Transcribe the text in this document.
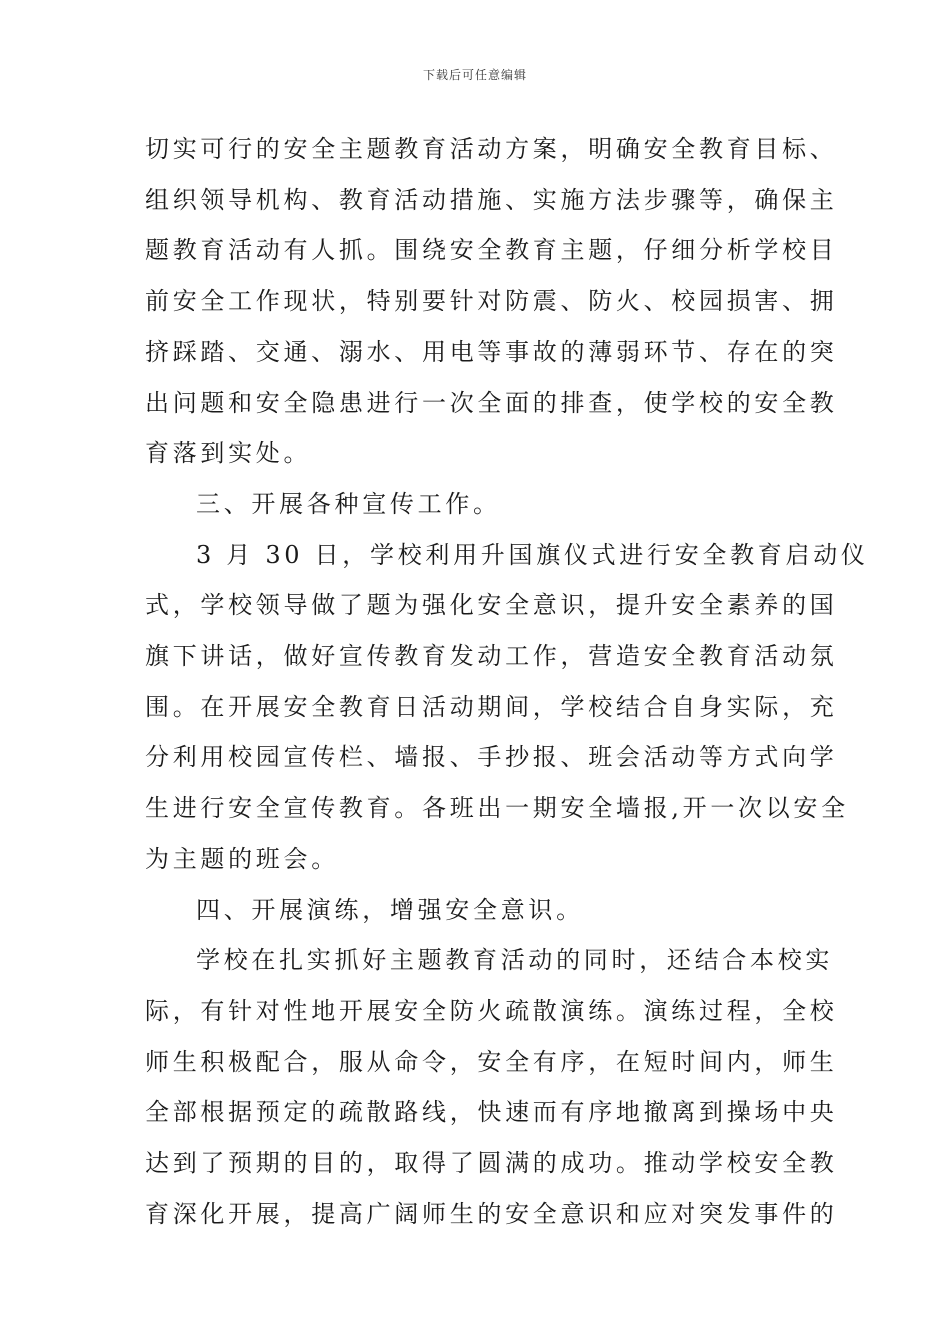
下载后可任意编辑

切实可行的安全主题教育活动方案，明确安全教育目标、
组织领导机构、教育活动措施、实施方法步骤等，确保主
题教育活动有人抓。围绕安全教育主题，仔细分析学校目
前安全工作现状，特别要针对防震、防火、校园损害、拥
挤踩踏、交通、溺水、用电等事故的薄弱环节、存在的突
出问题和安全隐患进行一次全面的排查，使学校的安全教
育落到实处。

三、开展各种宣传工作。

3 月 30 日，学校利用升国旗仪式进行安全教育启动仪
式，学校领导做了题为强化安全意识，提升安全素养的国
旗下讲话，做好宣传教育发动工作，营造安全教育活动氛
围。在开展安全教育日活动期间，学校结合自身实际，充
分利用校园宣传栏、墙报、手抄报、班会活动等方式向学
生进行安全宣传教育。各班出一期安全墙报,开一次以安全
为主题的班会。

四、开展演练，增强安全意识。

学校在扎实抓好主题教育活动的同时，还结合本校实
际，有针对性地开展安全防火疏散演练。演练过程，全校
师生积极配合，服从命令，安全有序，在短时间内，师生
全部根据预定的疏散路线，快速而有序地撤离到操场中央
达到了预期的目的，取得了圆满的成功。推动学校安全教
育深化开展，提高广阔师生的安全意识和应对突发事件的
